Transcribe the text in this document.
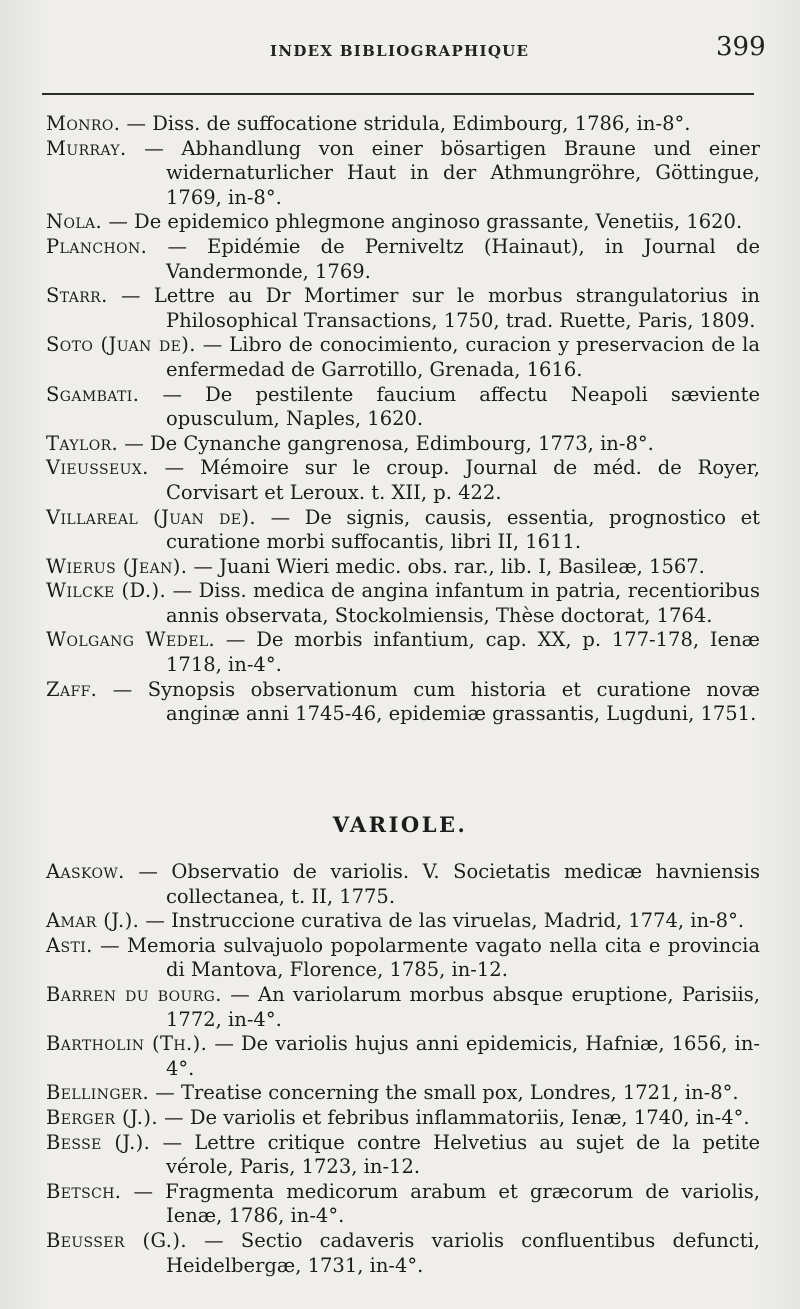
INDEX BIBLIOGRAPHIQUE	399
Monro. — Diss. de suffocatione stridula, Edimbourg, 1786, in-8°.
Murray. — Abhandlung von einer bösartigen Braune und einer widernaturlicher Haut in der Athmungröhre, Göttingue, 1769, in-8°.
Nola. — De epidemico phlegmone anginoso grassante, Venetiis, 1620.
Planchon. — Epidémie de Perniveltz (Hainaut), in Journal de Vandermonde, 1769.
Starr. — Lettre au Dr Mortimer sur le morbus strangulatorius in Philosophical Transactions, 1750, trad. Ruette, Paris, 1809.
Soto (Juan de). — Libro de conocimiento, curacion y preservacion de la enfermedad de Garrotillo, Grenada, 1616.
Sgambati. — De pestilente faucium affectu Neapoli sæviente opusculum, Naples, 1620.
Taylor. — De Cynanche gangrenosa, Edimbourg, 1773, in-8°.
Vieusseux. — Mémoire sur le croup. Journal de méd. de Royer, Corvisart et Leroux. t. XII, p. 422.
Villareal (Juan de). — De signis, causis, essentia, prognostico et curatione morbi suffocantis, libri II, 1611.
Wierus (Jean). — Juani Wieri medic. obs. rar., lib. I, Basileæ, 1567.
Wilcke (D.). — Diss. medica de angina infantum in patria, recentioribus annis observata, Stockolmiensis, Thèse doctorat, 1764.
Wolgang Wedel. — De morbis infantium, cap. XX, p. 177-178, Ienæ 1718, in-4°.
Zaff. — Synopsis observationum cum historia et curatione novæ anginæ anni 1745-46, epidemiæ grassantis, Lugduni, 1751.
VARIOLE.
Aaskow. — Observatio de variolis. V. Societatis medicæ havniensis collectanea, t. II, 1775.
Amar (J.). — Instruccione curativa de las viruelas, Madrid, 1774, in-8°.
Asti. — Memoria sulvajuolo popolarmente vagato nella cita e provincia di Mantova, Florence, 1785, in-12.
Barren du bourg. — An variolarum morbus absque eruptione, Parisiis, 1772, in-4°.
Bartholin (Th.). — De variolis hujus anni epidemicis, Hafniæ, 1656, in-4°.
Bellinger. — Treatise concerning the small pox, Londres, 1721, in-8°.
Berger (J.). — De variolis et febribus inflammatoriis, Ienæ, 1740, in-4°.
Besse (J.). — Lettre critique contre Helvetius au sujet de la petite vérole, Paris, 1723, in-12.
Betsch. — Fragmenta medicorum arabum et græcorum de variolis, Ienæ, 1786, in-4°.
Beusser (G.). — Sectio cadaveris variolis confluentibus defuncti, Heidelbergæ, 1731, in-4°.
